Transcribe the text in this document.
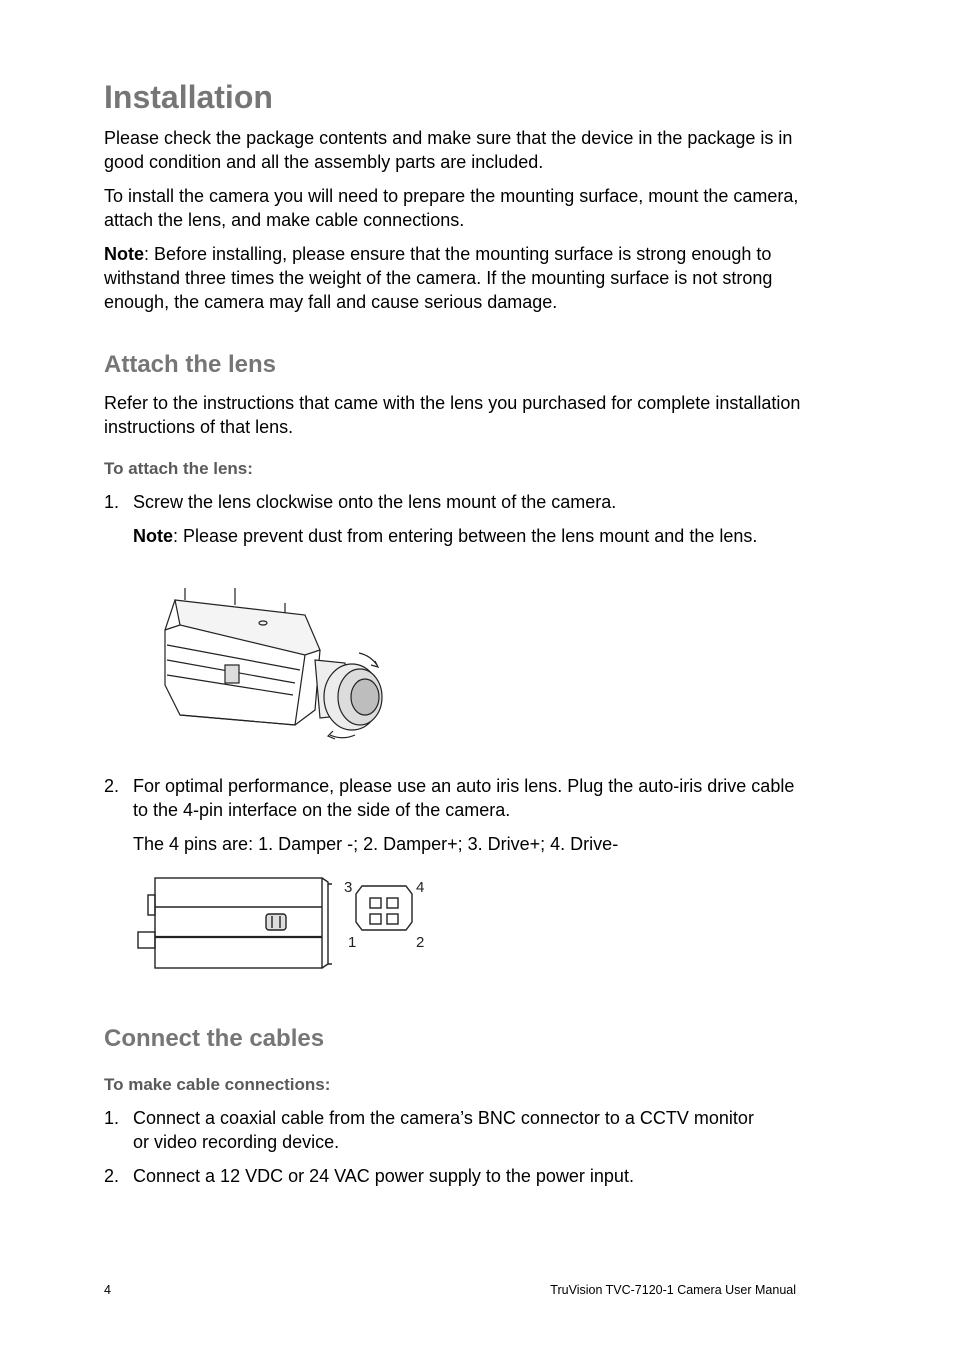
Installation

Please check the package contents and make sure that the device in the package is in good condition and all the assembly parts are included.

To install the camera you will need to prepare the mounting surface, mount the camera, attach the lens, and make cable connections.

Note: Before installing, please ensure that the mounting surface is strong enough to withstand three times the weight of the camera. If the mounting surface is not strong enough, the camera may fall and cause serious damage.

Attach the lens

Refer to the instructions that came with the lens you purchased for complete installation instructions of that lens.

To attach the lens:
1. Screw the lens clockwise onto the lens mount of the camera.

Note: Please prevent dust from entering between the lens mount and the lens.

2. For optimal performance, please use an auto iris lens. Plug the auto-iris drive cable to the 4-pin interface on the side of the camera.

The 4 pins are: 1. Damper -; 2. Damper+; 3. Drive+; 4. Drive-

3	4
1	2
Connect the cables
To make cable connections:
1. Connect a coaxial cable from the camera’s BNC connector to a CCTV monitor or video recording device.

2. Connect a 12 VDC or 24 VAC power supply to the power input.

4	TruVision TVC-7120-1 Camera User Manual
